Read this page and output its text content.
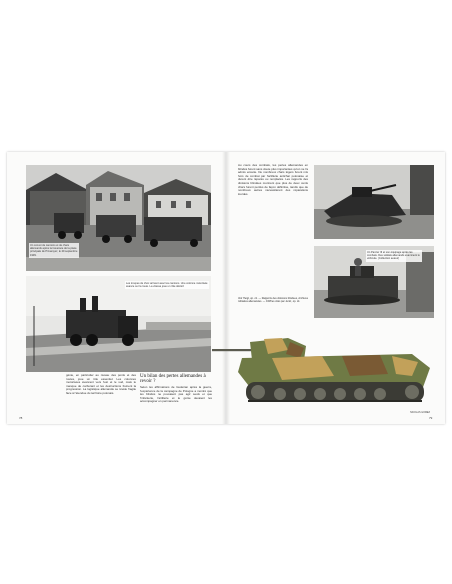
Un convoi de camions et de chars allemands après la traversée de la place principale de Przasnysz, le 29 septembre 1939.
Les troupes de choc arrivent avec les camions. Une colonne motorisée avance sur la route. La vitesse joue un rôle décisif.
génie, en particulier au niveau des ponts et des routes, joue un rôle essentiel. Les colonnes motorisées avancent vers l'est et le sud, mais le manque de carburant et les destructions freinent la progression. La logistique allemande se révèle fragile face à l'étendue du territoire polonais.
Un bilan des pertes allemandes à revoir ?
Selon les affirmations de Guderian après la guerre, l'expérience de la campagne de Pologne a montré que les blindés ne pouvaient pas agir seuls et que l'infanterie, l'artillerie et le génie devaient les accompagner en permanence.
78
Au cours des combats, les pertes allemandes en blindés furent sans doute plus importantes qu'on ne l'a admis ensuite. De nombreux chars légers furent mis hors de combat par l'artillerie antichar polonaise et durent être réparés ou remplacés. Les rapports des divisions blindées montrent que plus de deux cents chars furent perdus de façon définitive, tandis que de nombreux autres nécessitèrent des réparations lourdes.
Voir Heigl, op. cit. — Rapports des divisions blindées, Archives militaires allemandes. — Chiffres cités par Jentz, op. cit.
Un Panzer III et son équipage après les combats. Des soldats allemands examinent le véhicule. (Collection auteur)
79
NICOLAS GOMEZ
